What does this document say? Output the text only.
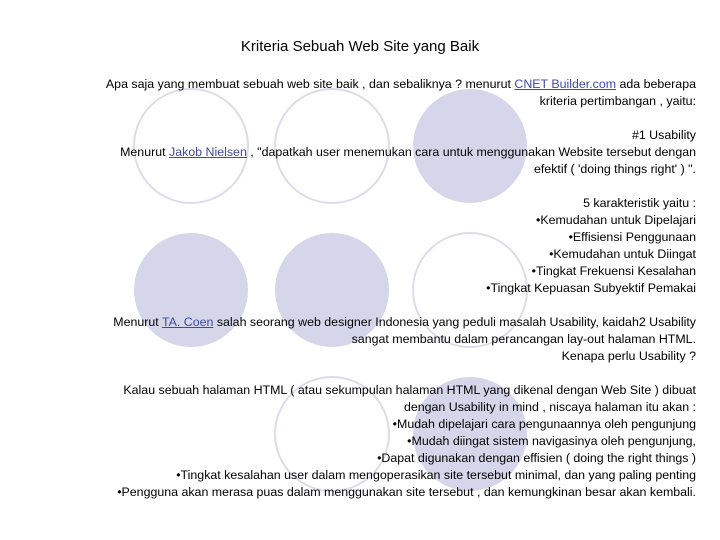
Kriteria Sebuah Web Site yang Baik

Apa saja yang membuat sebuah web site baik , dan sebaliknya ? menurut CNET Builder.com ada beberapa kriteria pertimbangan , yaitu:

#1 Usability

Menurut Jakob Nielsen , "dapatkah user menemukan cara untuk menggunakan Website tersebut dengan efektif ( 'doing things right' ) ".

5 karakteristik yaitu :

•Kemudahan untuk Dipelajari

•Effisiensi Penggunaan

•Kemudahan untuk Diingat

•Tingkat Frekuensi Kesalahan

•Tingkat Kepuasan Subyektif Pemakai

Menurut TA. Coen salah seorang web designer Indonesia yang peduli masalah Usability, kaidah2 Usability sangat membantu dalam perancangan lay-out halaman HTML.

Kenapa perlu Usability ?

Kalau sebuah halaman HTML ( atau sekumpulan halaman HTML yang dikenal dengan Web Site ) dibuat dengan Usability in mind , niscaya halaman itu akan :

•Mudah dipelajari cara pengunaannya oleh pengunjung

•Mudah diingat sistem navigasinya oleh pengunjung,

•Dapat digunakan dengan effisien ( doing the right things )

•Tingkat kesalahan user dalam mengoperasikan site tersebut minimal, dan yang paling penting

•Pengguna akan merasa puas dalam menggunakan site tersebut , dan kemungkinan besar akan kembali.
